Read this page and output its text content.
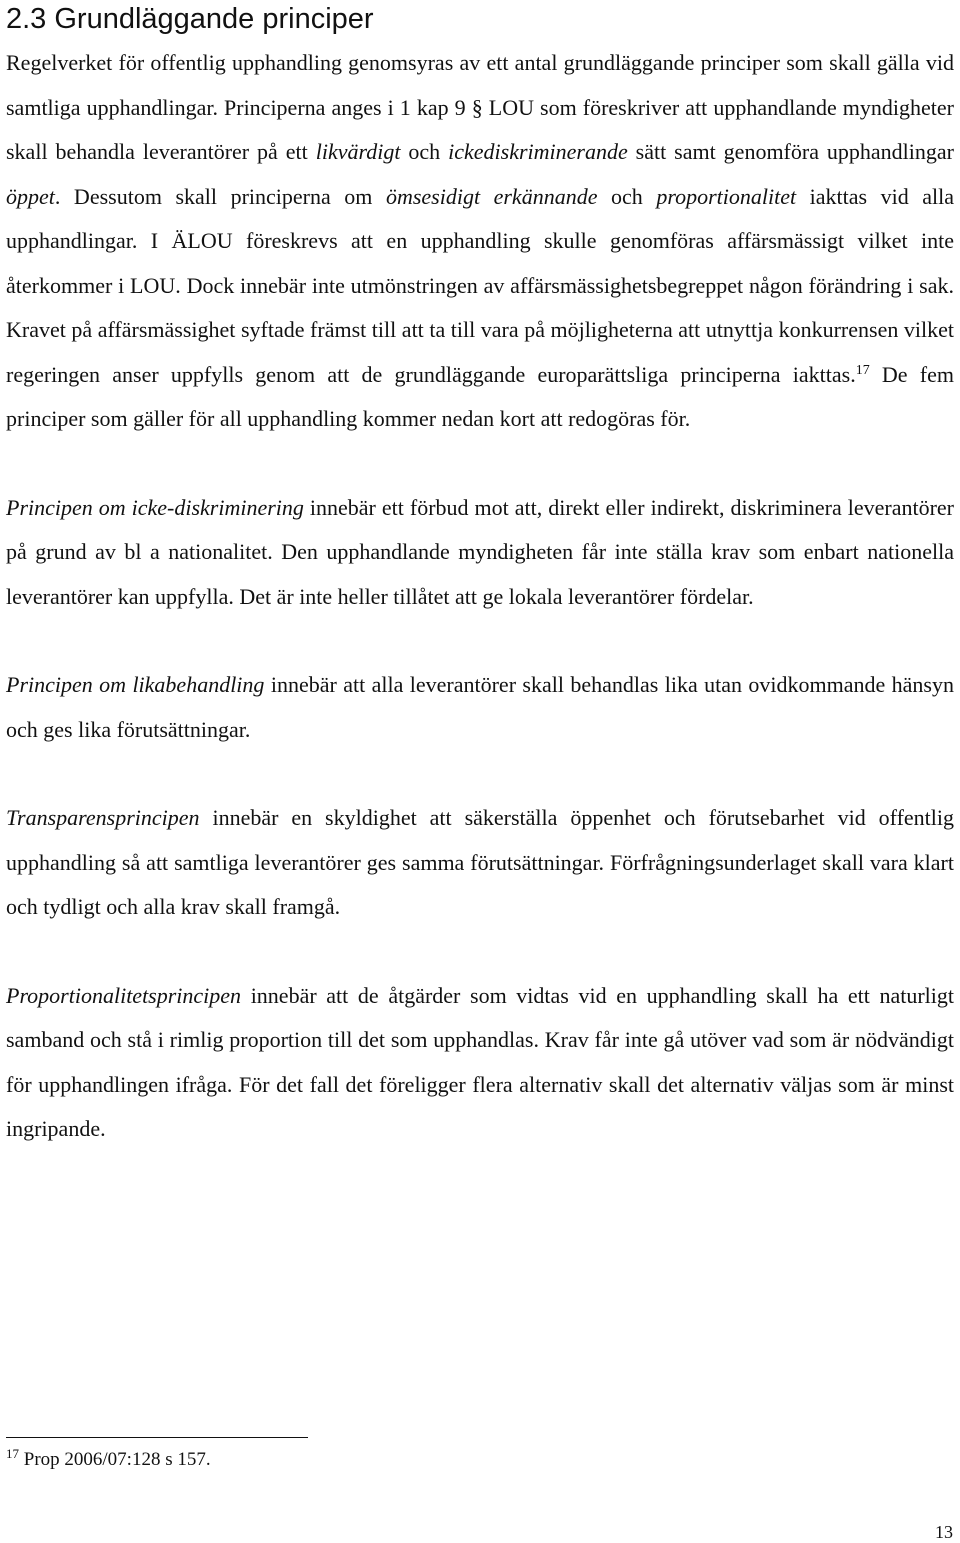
2.3 Grundläggande principer

Regelverket för offentlig upphandling genomsyras av ett antal grundläggande principer som skall gälla vid samtliga upphandlingar. Principerna anges i 1 kap 9 § LOU som föreskriver att upphandlande myndigheter skall behandla leverantörer på ett likvärdigt och ickediskriminerande sätt samt genomföra upphandlingar öppet. Dessutom skall principerna om ömsesidigt erkännande och proportionalitet iakttas vid alla upphandlingar. I ÄLOU föreskrevs att en upphandling skulle genomföras affärsmässigt vilket inte återkommer i LOU. Dock innebär inte utmönstringen av affärsmässighetsbegreppet någon förändring i sak. Kravet på affärsmässighet syftade främst till att ta till vara på möjligheterna att utnyttja konkurrensen vilket regeringen anser uppfylls genom att de grundläggande europarättsliga principerna iakttas.$^{17}$ De fem principer som gäller för all upphandling kommer nedan kort att redogöras för.

Principen om icke-diskriminering innebär ett förbud mot att, direkt eller indirekt, diskriminera leverantörer på grund av bl a nationalitet. Den upphandlande myndigheten får inte ställa krav som enbart nationella leverantörer kan uppfylla. Det är inte heller tillåtet att ge lokala leverantörer fördelar.

Principen om likabehandling innebär att alla leverantörer skall behandlas lika utan ovidkommande hänsyn och ges lika förutsättningar.

Transparensprincipen innebär en skyldighet att säkerställa öppenhet och förutsebarhet vid offentlig upphandling så att samtliga leverantörer ges samma förutsättningar. Förfrågningsunderlaget skall vara klart och tydligt och alla krav skall framgå.

Proportionalitetsprincipen innebär att de åtgärder som vidtas vid en upphandling skall ha ett naturligt samband och stå i rimlig proportion till det som upphandlas. Krav får inte gå utöver vad som är nödvändigt för upphandlingen ifråga. För det fall det föreligger flera alternativ skall det alternativ väljas som är minst ingripande.

$^{17}$ Prop 2006/07:128 s 157.
13
